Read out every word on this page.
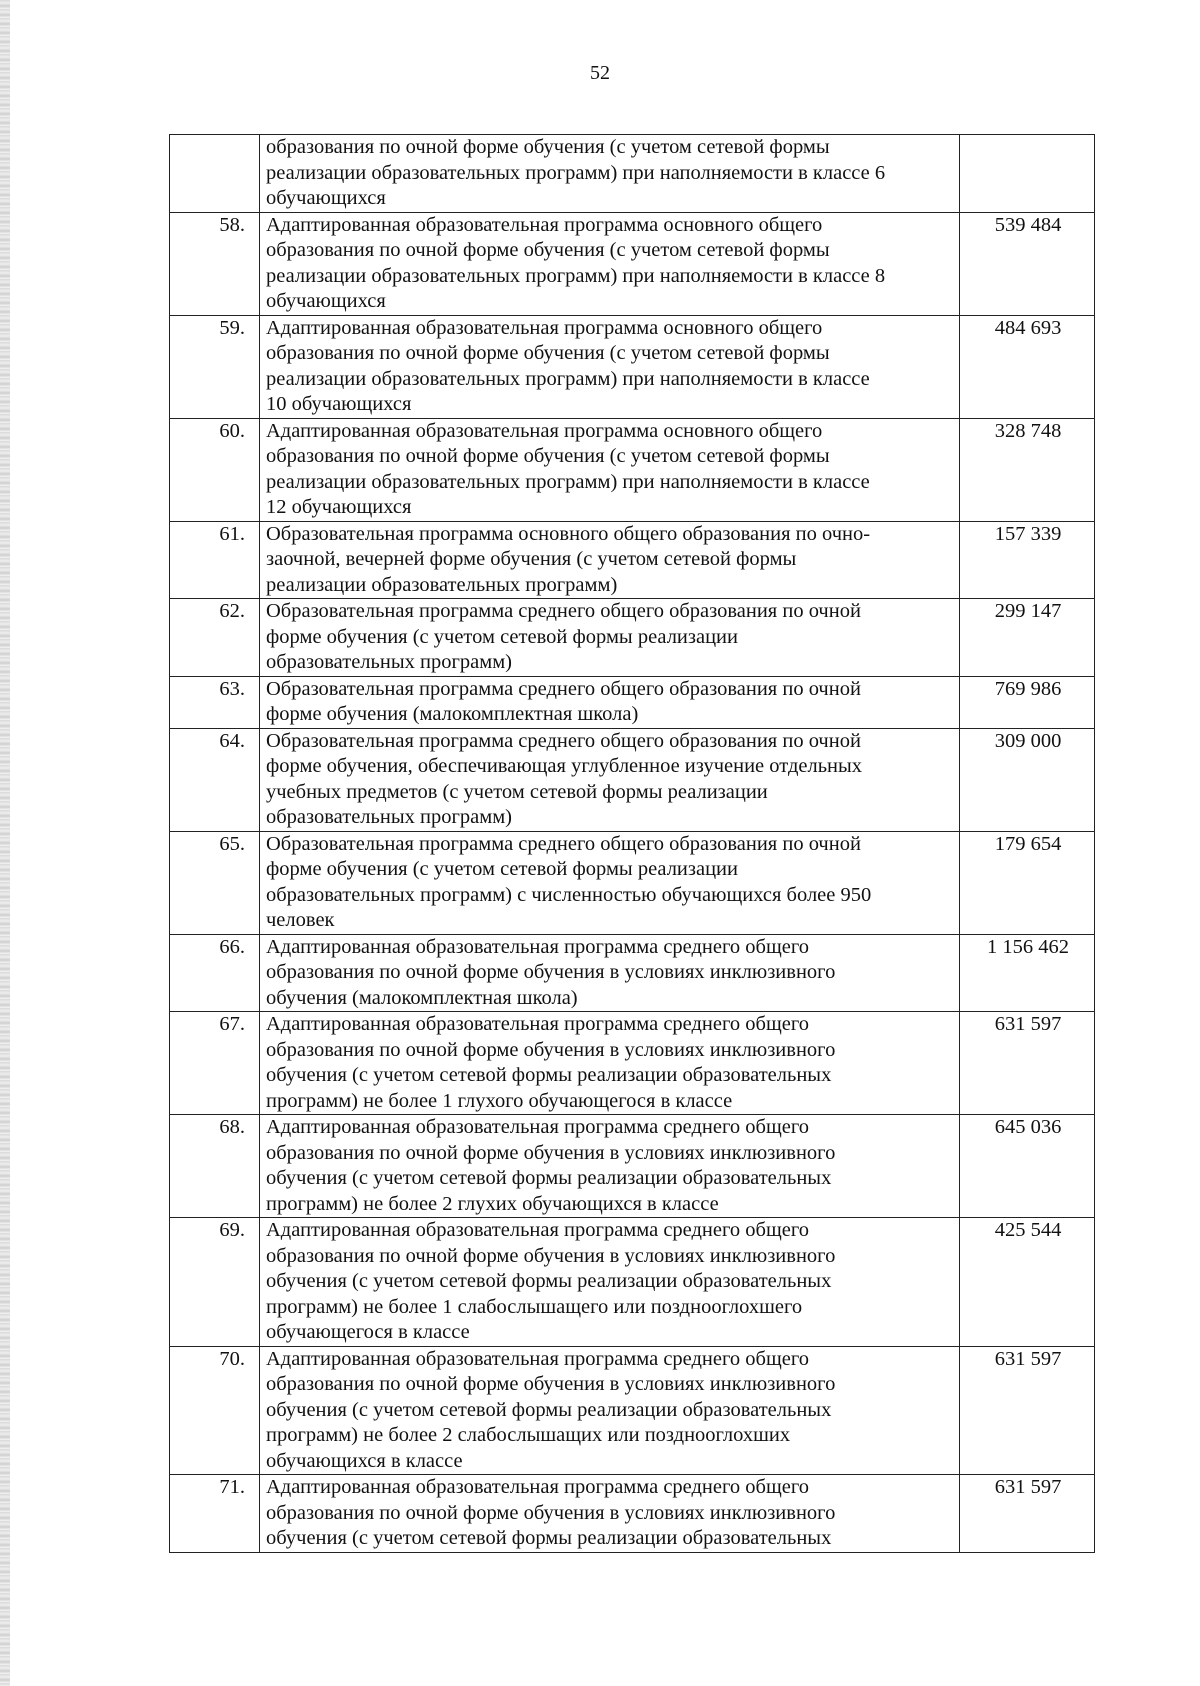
52
	образования по очной форме обучения (с учетом сетевой формы
реализации образовательных программ) при наполняемости в классе 6
обучающихся	
58.	Адаптированная образовательная программа основного общего
образования по очной форме обучения (с учетом сетевой формы
реализации образовательных программ) при наполняемости в классе 8
обучающихся	539 484
59.	Адаптированная образовательная программа основного общего
образования по очной форме обучения (с учетом сетевой формы
реализации образовательных программ) при наполняемости в классе
10 обучающихся	484 693
60.	Адаптированная образовательная программа основного общего
образования по очной форме обучения (с учетом сетевой формы
реализации образовательных программ) при наполняемости в классе
12 обучающихся	328 748
61.	Образовательная программа основного общего образования по очно-
заочной, вечерней форме обучения (с учетом сетевой формы
реализации образовательных программ)	157 339
62.	Образовательная программа среднего общего образования по очной
форме обучения (с учетом сетевой формы реализации
образовательных программ)	299 147
63.	Образовательная программа среднего общего образования по очной
форме обучения (малокомплектная школа)	769 986
64.	Образовательная программа среднего общего образования по очной
форме обучения, обеспечивающая углубленное изучение отдельных
учебных предметов (с учетом сетевой формы реализации
образовательных программ)	309 000
65.	Образовательная программа среднего общего образования по очной
форме обучения (с учетом сетевой формы реализации
образовательных программ) с численностью обучающихся более 950
человек	179 654
66.	Адаптированная образовательная программа среднего общего
образования по очной форме обучения в условиях инклюзивного
обучения (малокомплектная школа)	1 156 462
67.	Адаптированная образовательная программа среднего общего
образования по очной форме обучения в условиях инклюзивного
обучения (с учетом сетевой формы реализации образовательных
программ) не более 1 глухого обучающегося в классе	631 597
68.	Адаптированная образовательная программа среднего общего
образования по очной форме обучения в условиях инклюзивного
обучения (с учетом сетевой формы реализации образовательных
программ) не более 2 глухих обучающихся в классе	645 036
69.	Адаптированная образовательная программа среднего общего
образования по очной форме обучения в условиях инклюзивного
обучения (с учетом сетевой формы реализации образовательных
программ) не более 1 слабослышащего или позднооглохшего
обучающегося в классе	425 544
70.	Адаптированная образовательная программа среднего общего
образования по очной форме обучения в условиях инклюзивного
обучения (с учетом сетевой формы реализации образовательных
программ) не более 2 слабослышащих или позднооглохших
обучающихся в классе	631 597
71.	Адаптированная образовательная программа среднего общего
образования по очной форме обучения в условиях инклюзивного
обучения (с учетом сетевой формы реализации образовательных	631 597
